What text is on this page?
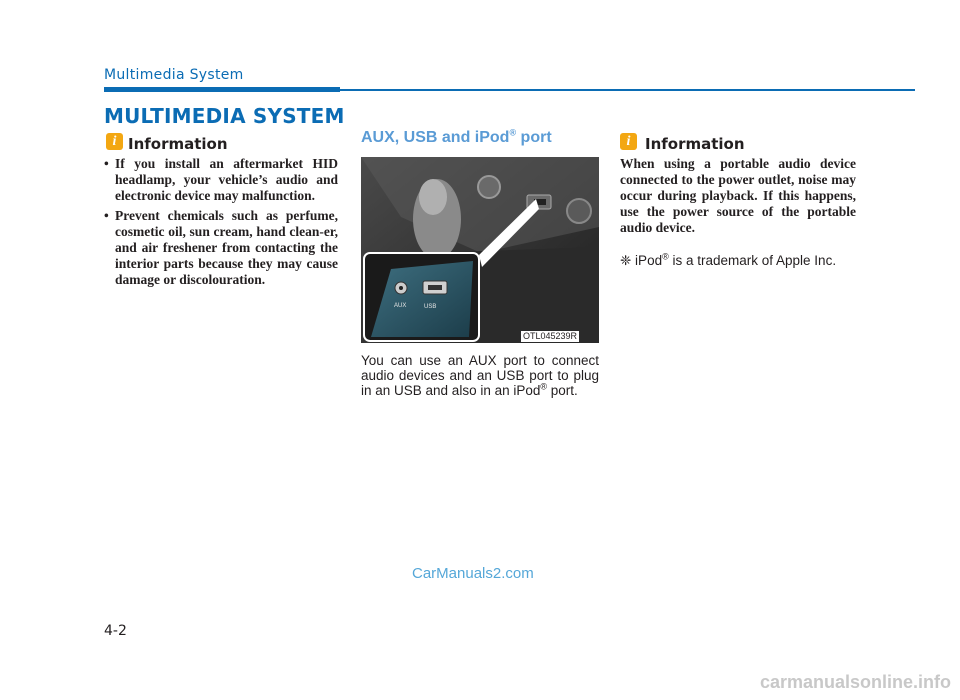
Multimedia System
MULTIMEDIA SYSTEM
i Information
• If you install an aftermarket HID headlamp, your vehicle’s audio and electronic device may malfunction.
• Prevent chemicals such as perfume, cosmetic oil, sun cream, hand clean-er, and air freshener from contacting the interior parts because they may cause damage or discolouration.
AUX, USB and iPod® port
AUX	USB
OTL045239R
You can use an AUX port to connect audio devices and an USB port to plug in an USB and also in an iPod® port.
i Information
When using a portable audio device connected to the power outlet, noise may occur during playback. If this happens, use the power source of the portable audio device.
❈ iPod® is a trademark of Apple Inc.
4-2
CarManuals2.com
carmanualsonline.info
